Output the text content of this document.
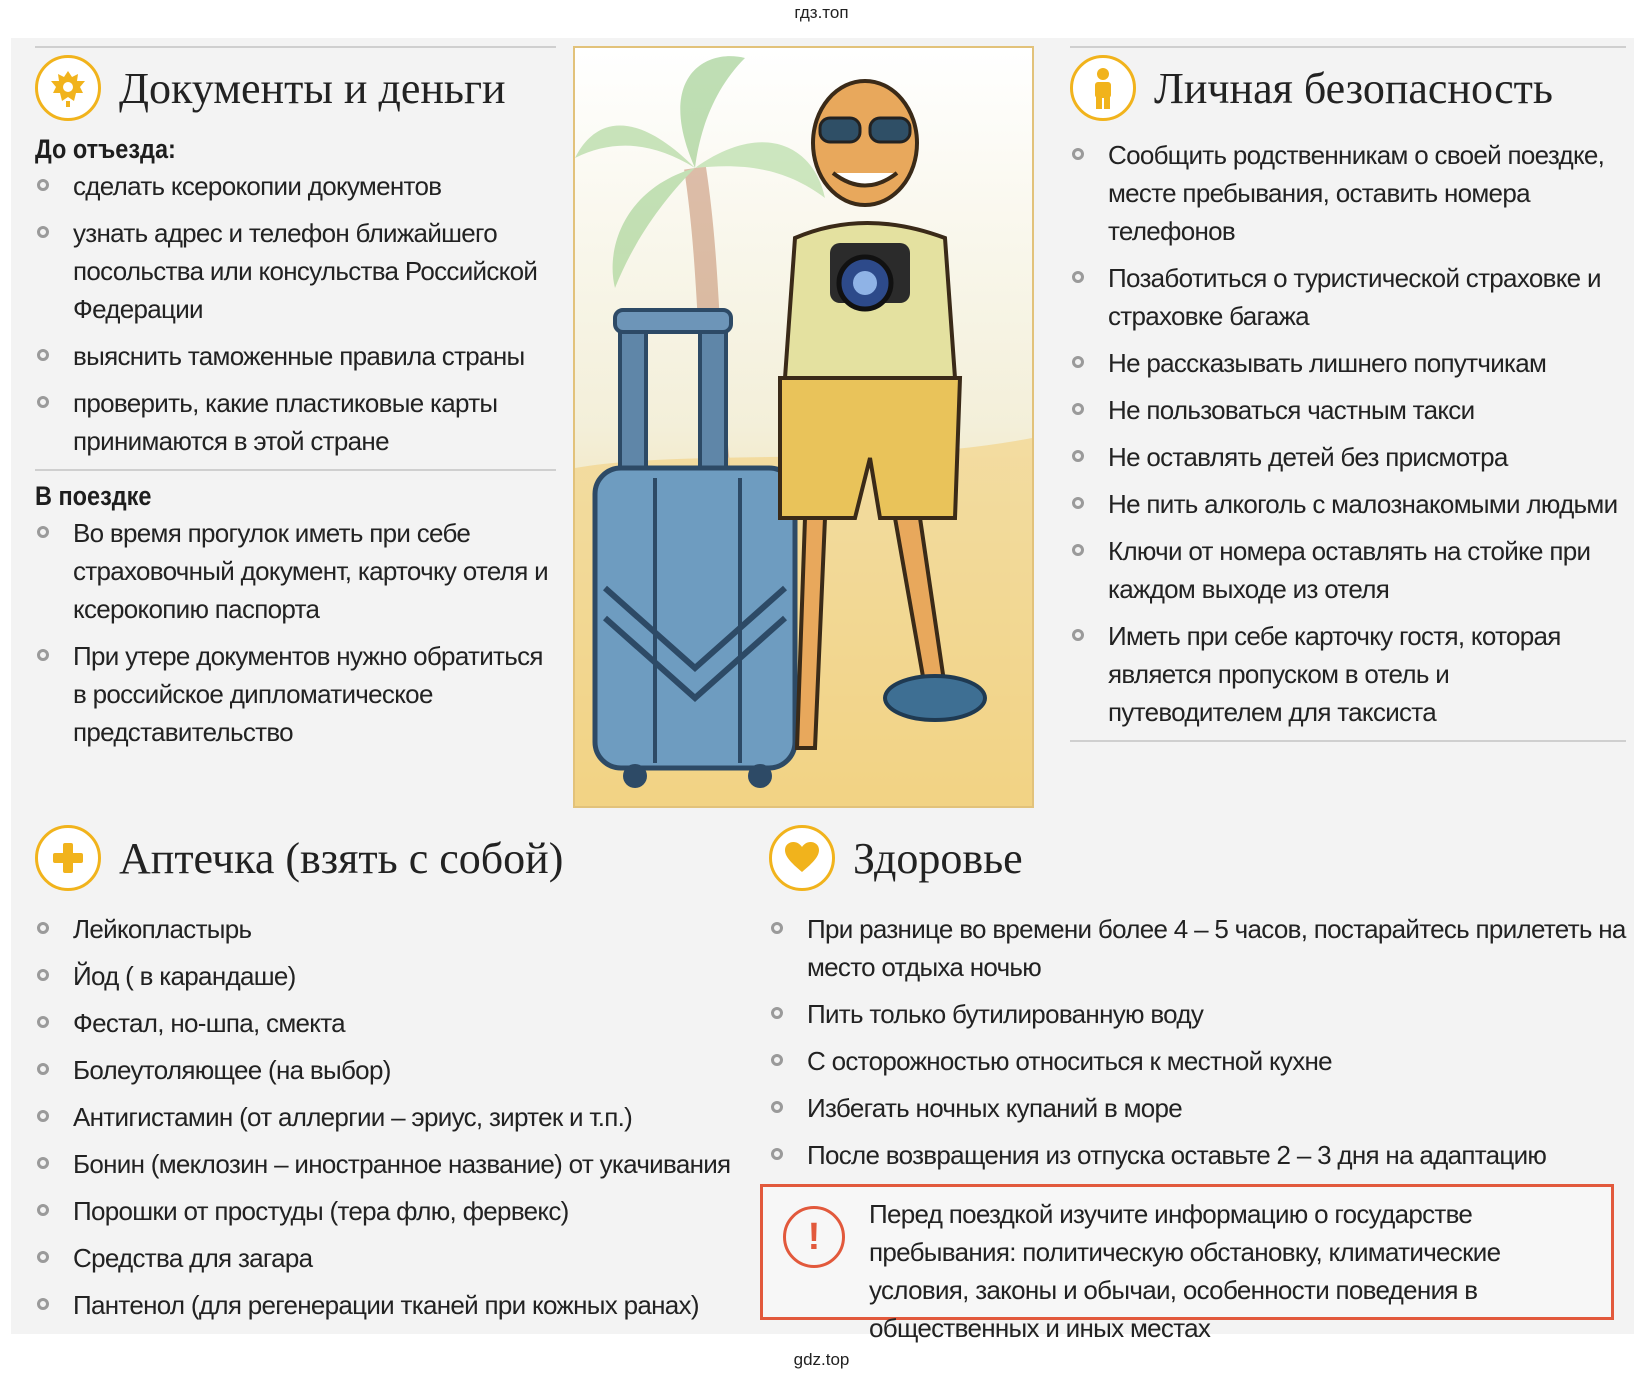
гдз.топ
Документы и деньги
До отъезда:
сделать ксерокопии документов
узнать адрес и телефон ближайшего посольства или консульства Российской Федерации
выяснить таможенные правила страны
проверить, какие пластиковые карты принимаются в этой стране
В поездке
Во время прогулок иметь при себе страховочный документ, карточку отеля и ксерокопию паспорта
При утере документов нужно обратиться в российское дипломатическое представительство
Личная безопасность
Сообщить родственникам о своей поездке, месте пребывания, оставить номера телефонов
Позаботиться о туристической страховке и страховке багажа
Не рассказывать лишнего попутчикам
Не пользоваться частным такси
Не оставлять детей без присмотра
Не пить алкоголь с малознакомыми людьми
Ключи от номера оставлять на стойке при каждом выходе из отеля
Иметь при себе карточку гостя, которая является пропуском в отель и путеводителем для таксиста
Аптечка (взять с собой)
Лейкопластырь
Йод ( в карандаше)
Фестал, но-шпа, смекта
Болеутоляющее (на выбор)
Антигистамин (от аллергии – эриус, зиртек и т.п.)
Бонин (меклозин – иностранное название) от укачивания
Порошки от простуды (тера флю, фервекс)
Средства для загара
Пантенол (для регенерации тканей при кожных ранах)
Здоровье
При разнице во времени более 4 – 5 часов, постарайтесь прилететь на место отдыха ночью
Пить только бутилированную воду
С осторожностью относиться к местной кухне
Избегать ночных купаний в море
После возвращения из отпуска оставьте 2 – 3 дня на адаптацию
!
Перед поездкой изучите информацию о государстве пребывания: политическую обстановку, климатические условия, законы и обычаи, особенности поведения в общественных и иных местах
gdz.top
